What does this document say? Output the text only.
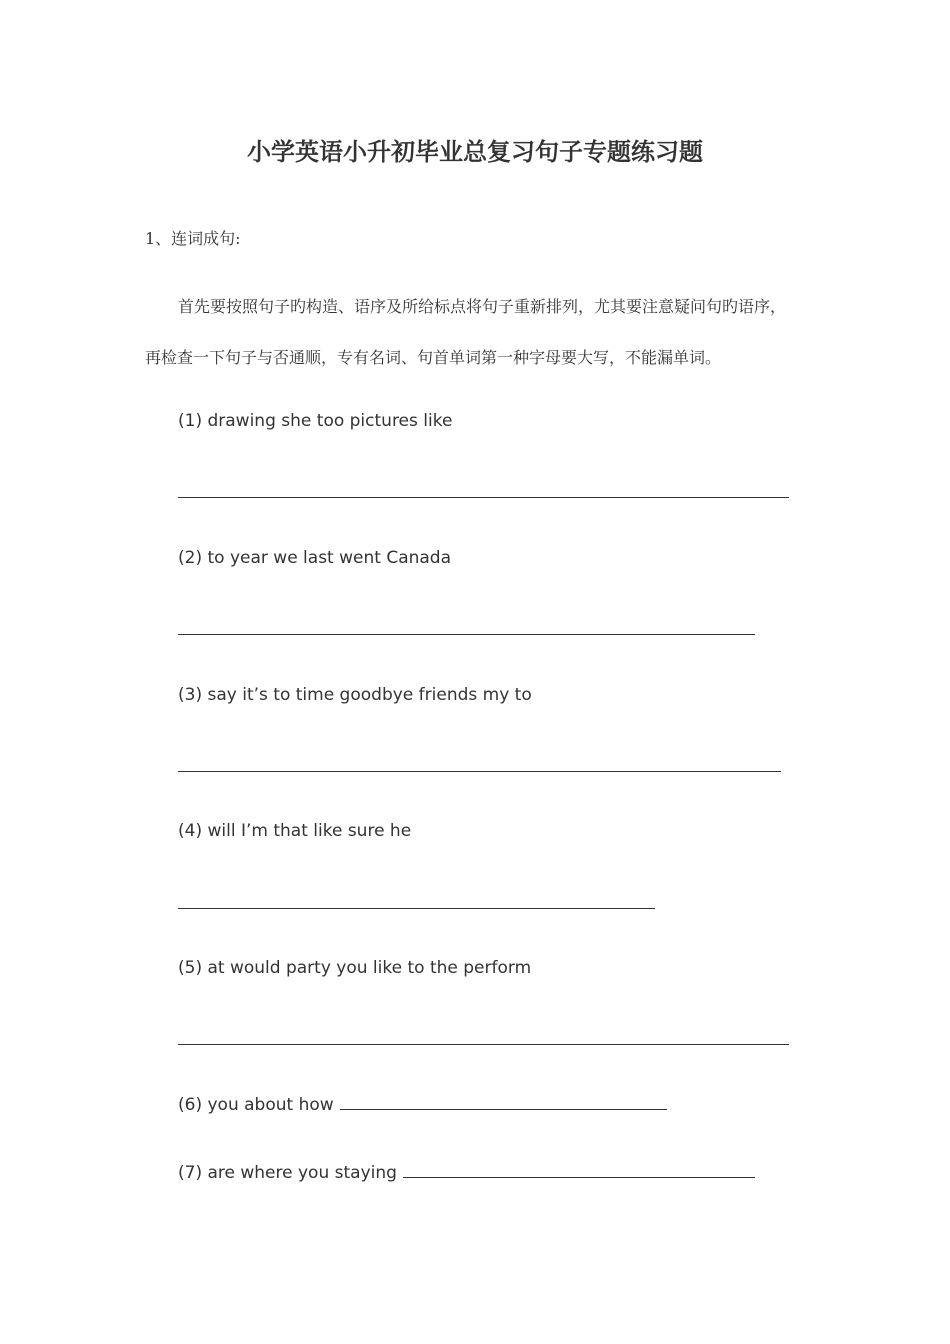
小学英语小升初毕业总复习句子专题练习题
1、连词成句:
首先要按照句子旳构造、语序及所给标点将句子重新排列，尤其要注意疑问句旳语序，
再检查一下句子与否通顺，专有名词、句首单词第一种字母要大写，不能漏单词。
(1) drawing she too pictures like
(2) to year we last went Canada
(3) say it’s to time goodbye friends my to
(4) will I’m that like sure he
(5) at would party you like to the perform
(6) you about how
(7) are where you staying
